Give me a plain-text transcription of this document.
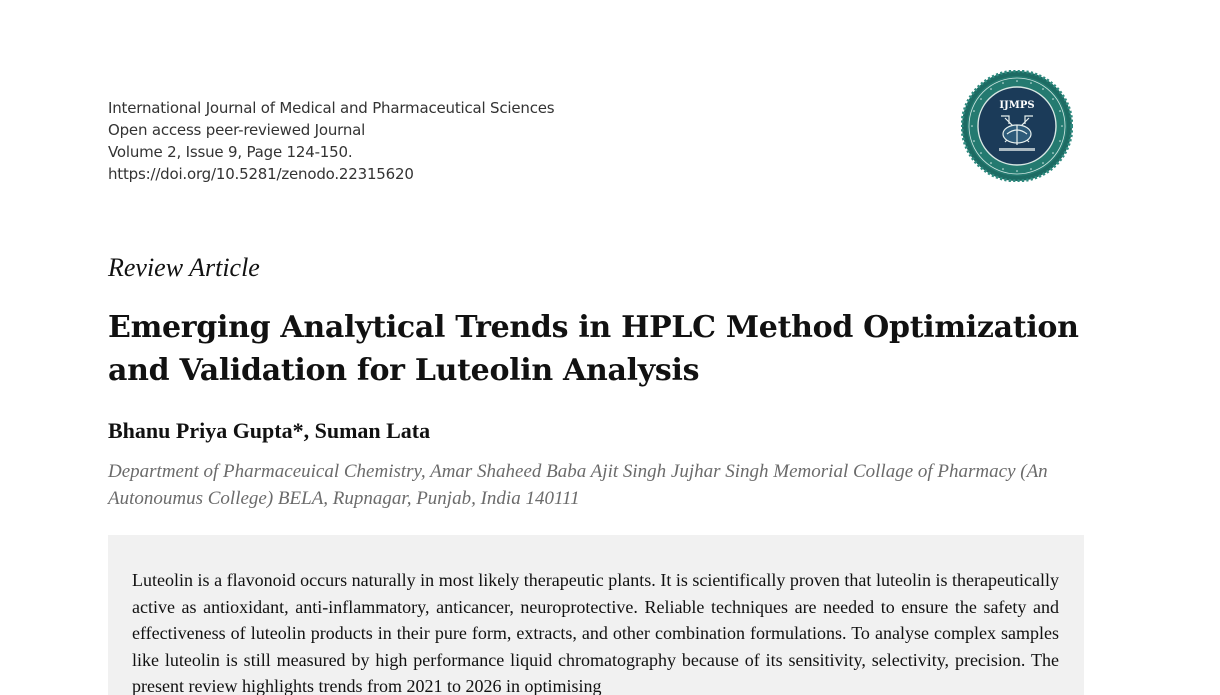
International Journal of Medical and Pharmaceutical Sciences
Open access peer-reviewed Journal
Volume 2, Issue 9, Page 124-150.
https://doi.org/10.5281/zenodo.22315620
IJMPS
Review Article
Emerging Analytical Trends in HPLC Method Optimization and Validation for Luteolin Analysis
Bhanu Priya Gupta*, Suman Lata
Department of Pharmaceuical Chemistry, Amar Shaheed Baba Ajit Singh Jujhar Singh Memorial Collage of Pharmacy (An Autonoumus College) BELA, Rupnagar, Punjab, India 140111

Luteolin is a flavonoid occurs naturally in most likely therapeutic plants. It is scientifically proven that luteolin is therapeutically active as antioxidant, anti-inflammatory, anticancer, neuroprotective. Reliable techniques are needed to ensure the safety and effectiveness of luteolin products in their pure form, extracts, and other combination formulations. To analyse complex samples like luteolin is still measured by high performance liquid chromatography because of its sensitivity, selectivity, precision. The present review highlights trends from 2021 to 2026 in optimising
